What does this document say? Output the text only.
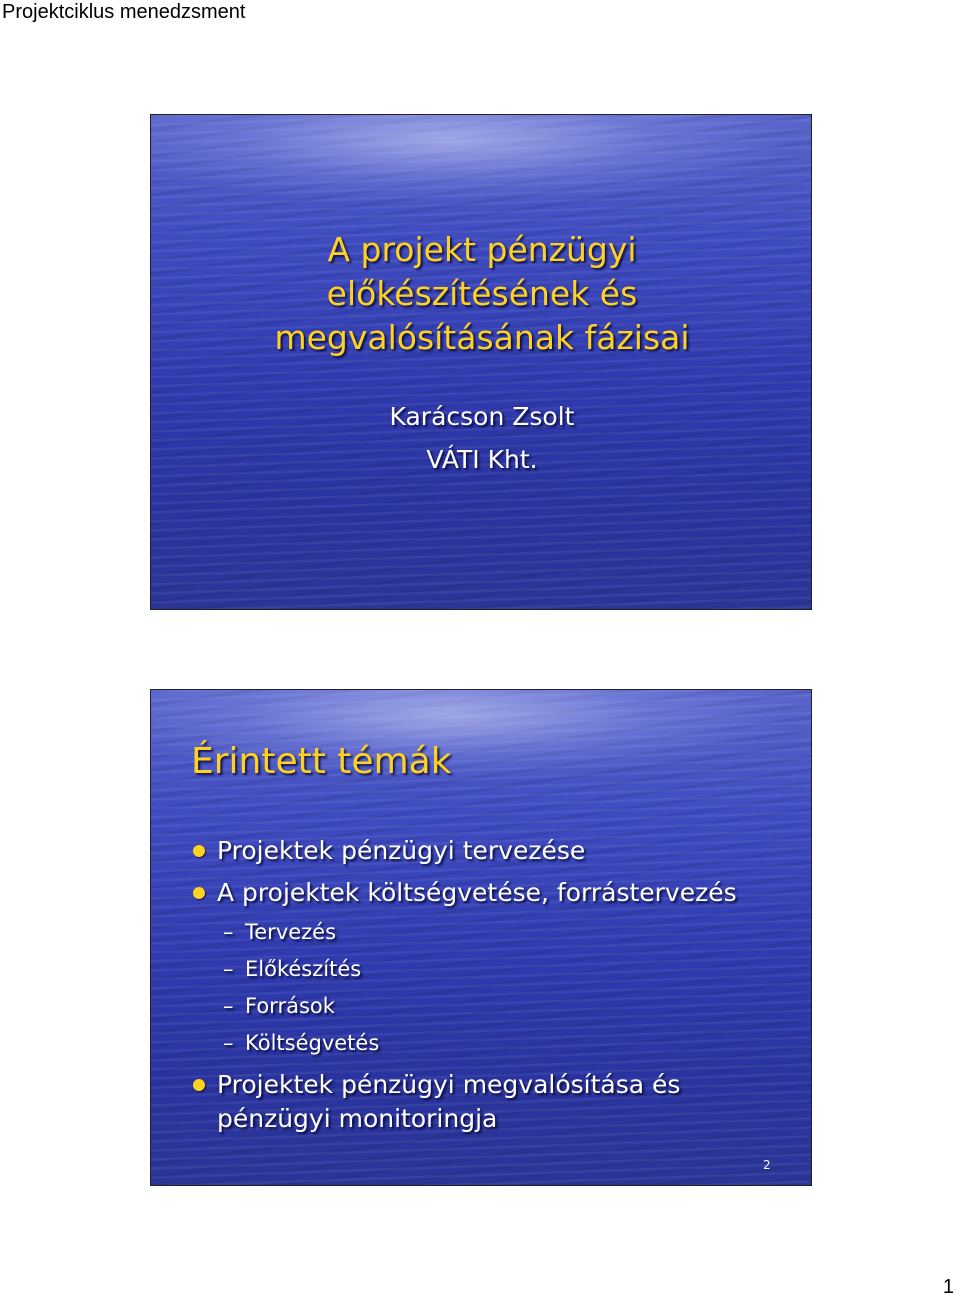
Projektciklus menedzsment
A projekt pénzügyi
előkészítésének és
megvalósításának fázisai
Karácson Zsolt
VÁTI Kht.
Érintett témák
Projektek pénzügyi tervezése
A projektek költségvetése, forrástervezés
– Tervezés
– Előkészítés
– Források
– Költségvetés
Projektek pénzügyi megvalósítása és
pénzügyi monitoringja
2
1
